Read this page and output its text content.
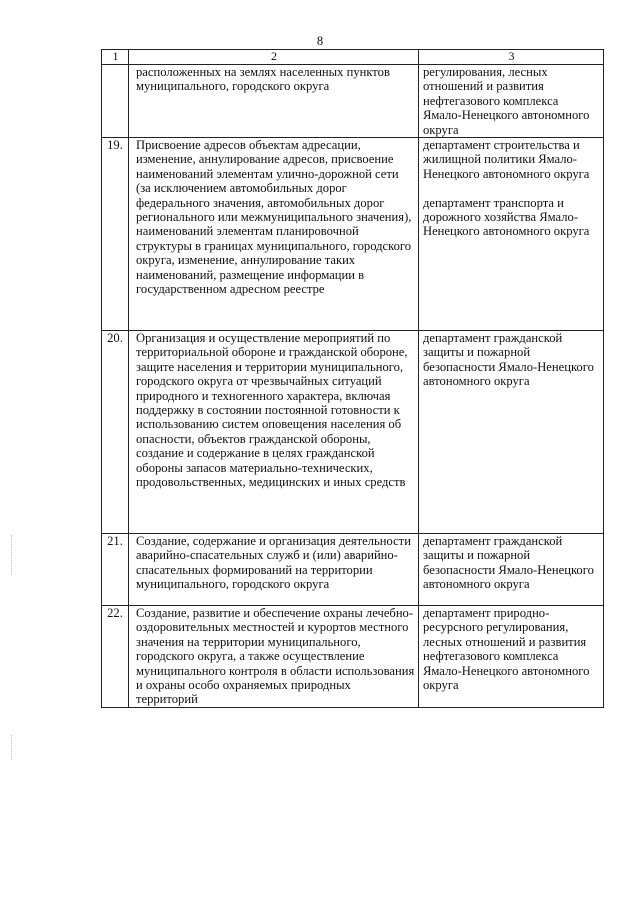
8
1	2	3
	расположенных на землях населенных пунктов муниципального, городского округа	регулирования, лесных отношений и развития нефтегазового комплекса Ямало-Ненецкого автономного округа

19.	Присвоение адресов объектам адресации, изменение, аннулирование адресов, присвоение наименований элементам улично-дорожной сети (за исключением автомобильных дорог федерального значения, автомобильных дорог регионального или межмуниципального значения), наименований элементам планировочной структуры в границах муниципального, городского округа, изменение, аннулирование таких наименований, размещение информации в государственном адресном реестре	департамент строительства и жилищной политики Ямало-Ненецкого автономного округа
департамент транспорта и дорожного хозяйства Ямало-Ненецкого автономного округа

20.	Организация и осуществление мероприятий по территориальной обороне и гражданской обороне, защите населения и территории муниципального, городского округа от чрезвычайных ситуаций природного и техногенного характера, включая поддержку в состоянии постоянной готовности к использованию систем оповещения населения об опасности, объектов гражданской обороны, создание и содержание в целях гражданской обороны запасов материально-технических, продовольственных, медицинских и иных средств	департамент гражданской защиты и пожарной безопасности Ямало-Ненецкого автономного округа

21.	Создание, содержание и организация деятельности аварийно-спасательных служб и (или) аварийно-спасательных формирований на территории муниципального, городского округа	департамент гражданской защиты и пожарной безопасности Ямало-Ненецкого автономного округа

22.	Создание, развитие и обеспечение охраны лечебно-оздоровительных местностей и курортов местного значения на территории муниципального, городского округа, а также осуществление муниципального контроля в области использования и охраны особо охраняемых природных территорий	департамент природно-ресурсного регулирования, лесных отношений и развития нефтегазового комплекса Ямало-Ненецкого автономного округа
